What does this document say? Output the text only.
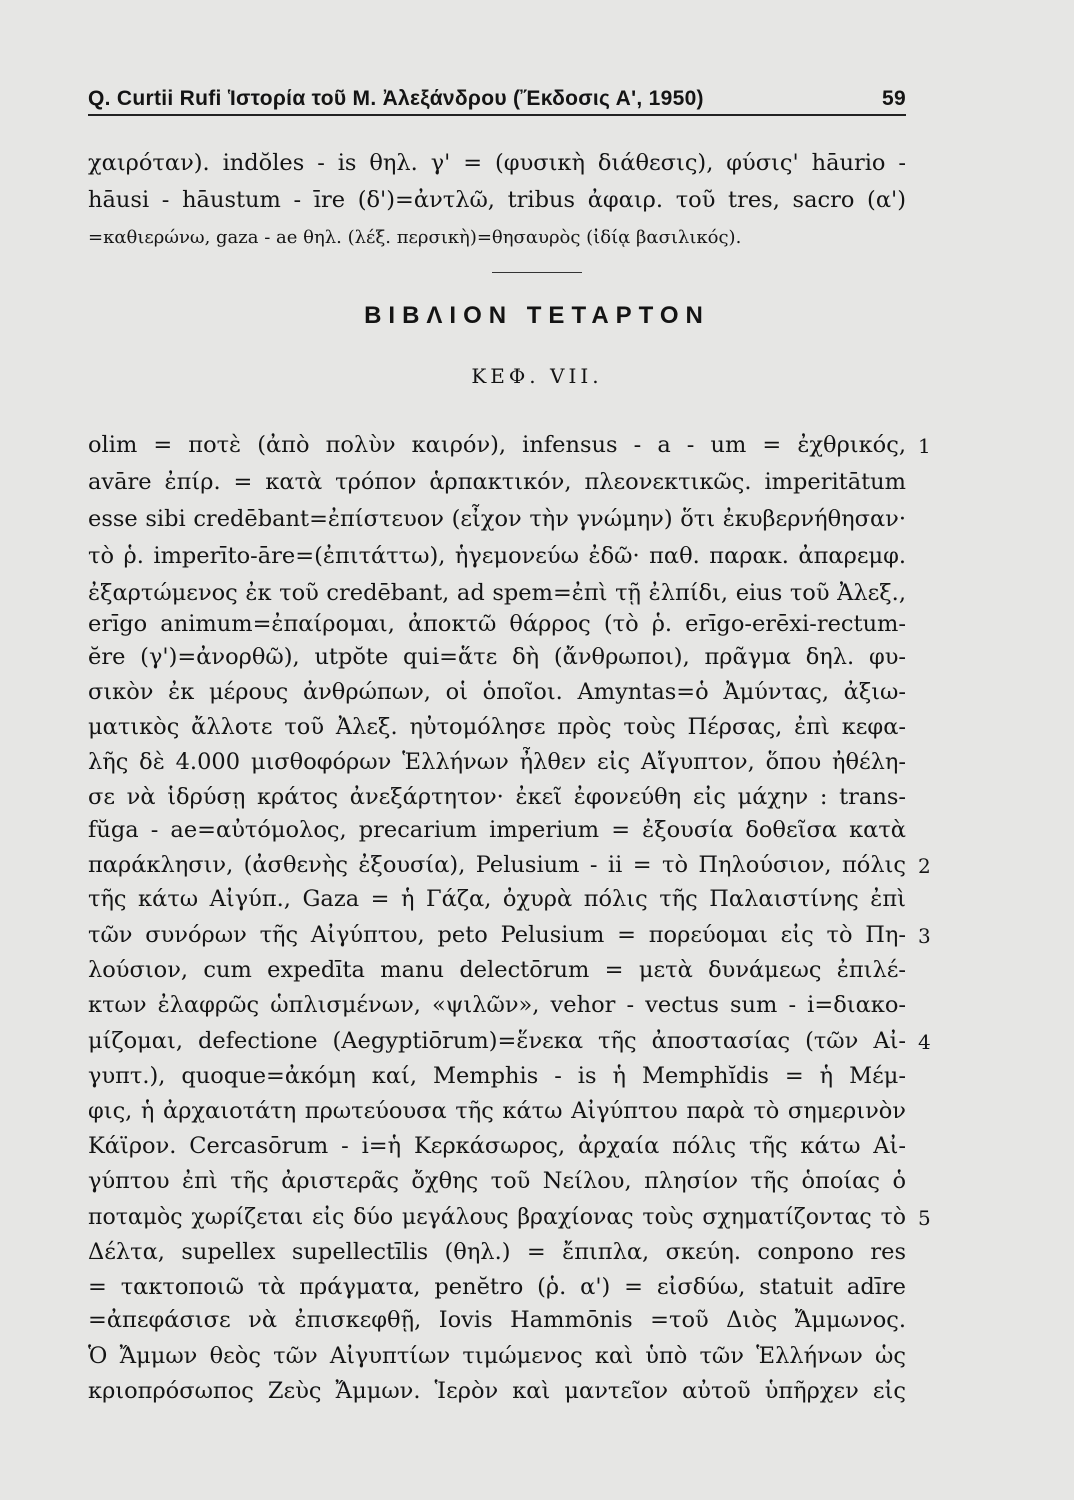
Q. Curtii Rufi Ἱστορία τοῦ Μ. Ἀλεξάνδρου (Ἔκδοσις Α', 1950)	59
χαιρόταν). indŏles - is θηλ. γ' = (φυσικὴ διάθεσις), φύσις' hāurio -
hāusi - hāustum - īre (δ')=ἀντλῶ, tribus ἀφαιρ. τοῦ tres, sacro (α')
=καθιερώνω, gaza - ae θηλ. (λέξ. περσικὴ)=θησαυρὸς (ἰδίᾳ βασιλικός).
ΒΙΒΛΙΟΝ ΤΕΤΑΡΤΟΝ
ΚΕΦ. VII.
olim = ποτὲ (ἀπὸ πολὺν καιρόν), infensus - a - um = ἐχθρικός,
avāre ἐπίρ. = κατὰ τρόπον ἁρπακτικόν, πλεονεκτικῶς. imperitātum
esse sibi credēbant=ἐπίστευον (εἶχον τὴν γνώμην) ὅτι ἐκυβερνήθησαν·
τὸ ῥ. imperīto-āre=(ἐπιτάττω), ἡγεμονεύω ἐδῶ· παθ. παρακ. ἀπαρεμφ.
ἐξαρτώμενος ἐκ τοῦ credēbant, ad spem=ἐπὶ τῇ ἐλπίδι, eius τοῦ Ἀλεξ.,
erīgo animum=ἐπαίρομαι, ἀποκτῶ θάρρος (τὸ ῥ. erīgo-erēxi-rectum-
ĕre (γ')=ἀνορθῶ), utpŏte qui=ἅτε δὴ (ἄνθρωποι), πρᾶγμα δηλ. φυ-
σικὸν ἐκ μέρους ἀνθρώπων, οἱ ὁποῖοι. Amyntas=ὁ Ἀμύντας, ἀξιω-
ματικὸς ἄλλοτε τοῦ Ἀλεξ. ηὐτομόλησε πρὸς τοὺς Πέρσας, ἐπὶ κεφα-
λῆς δὲ 4.000 μισθοφόρων Ἑλλήνων ἦλθεν εἰς Αἴγυπτον, ὅπου ἠθέλη-
σε νὰ ἱδρύσῃ κράτος ἀνεξάρτητον· ἐκεῖ ἐφονεύθη εἰς μάχην : trans-
fŭga - ae=αὐτόμολος, precarium imperium = ἐξουσία δοθεῖσα κατὰ
παράκλησιν, (ἀσθενὴς ἐξουσία), Pelusium - ii = τὸ Πηλούσιον, πόλις
τῆς κάτω Αἰγύπ., Gaza = ἡ Γάζα, ὀχυρὰ πόλις τῆς Παλαιστίνης ἐπὶ
τῶν συνόρων τῆς Αἰγύπτου, peto Pelusium = πορεύομαι εἰς τὸ Πη-
λούσιον, cum expedīta manu delectōrum = μετὰ δυνάμεως ἐπιλέ-
κτων ἐλαφρῶς ὡπλισμένων, «ψιλῶν», vehor - vectus sum - i=διακο-
μίζομαι, defectione (Aegyptiōrum)=ἕνεκα τῆς ἀποστασίας (τῶν Αἰ-
γυπτ.), quoque=ἀκόμη καί, Memphis - is ἡ Memphĭdis = ἡ Μέμ-
φις, ἡ ἀρχαιοτάτη πρωτεύουσα τῆς κάτω Αἰγύπτου παρὰ τὸ σημερινὸν
Κάϊρον. Cercasōrum - i=ἡ Κερκάσωρος, ἀρχαία πόλις τῆς κάτω Αἰ-
γύπτου ἐπὶ τῆς ἀριστερᾶς ὄχθης τοῦ Νείλου, πλησίον τῆς ὁποίας ὁ
ποταμὸς χωρίζεται εἰς δύο μεγάλους βραχίονας τοὺς σχηματίζοντας τὸ
Δέλτα, supellex supellectīlis (θηλ.) = ἔπιπλα, σκεύη. conpono res
= τακτοποιῶ τὰ πράγματα, penĕtro (ῥ. α') = εἰσδύω, statuit adīre
=ἀπεφάσισε νὰ ἐπισκεφθῇ, Iovis Hammōnis =τοῦ Διὸς Ἄμμωνος.
Ὁ Ἄμμων θεὸς τῶν Αἰγυπτίων τιμώμενος καὶ ὑπὸ τῶν Ἑλλήνων ὡς
κριοπρόσωπος Ζεὺς Ἄμμων. Ἱερὸν καὶ μαντεῖον αὐτοῦ ὑπῆρχεν εἰς
1
2
3
4
5
